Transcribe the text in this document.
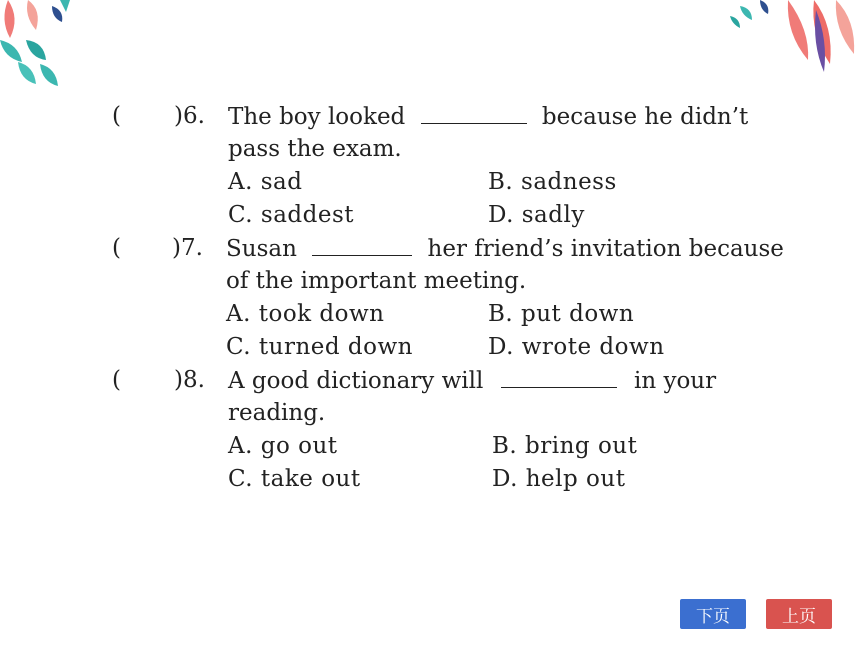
( )6. The boy looked	because he didn’t
pass the exam.
A. sad	B. sadness
C. saddest	D. sadly
( )7. Susan	her friend’s invitation because
of the important meeting.
A. took down	B. put down
C. turned down	D. wrote down
( )8. A good dictionary will	in your
reading.
A. go out	B. bring out
C. take out	D. help out
下页	上页
